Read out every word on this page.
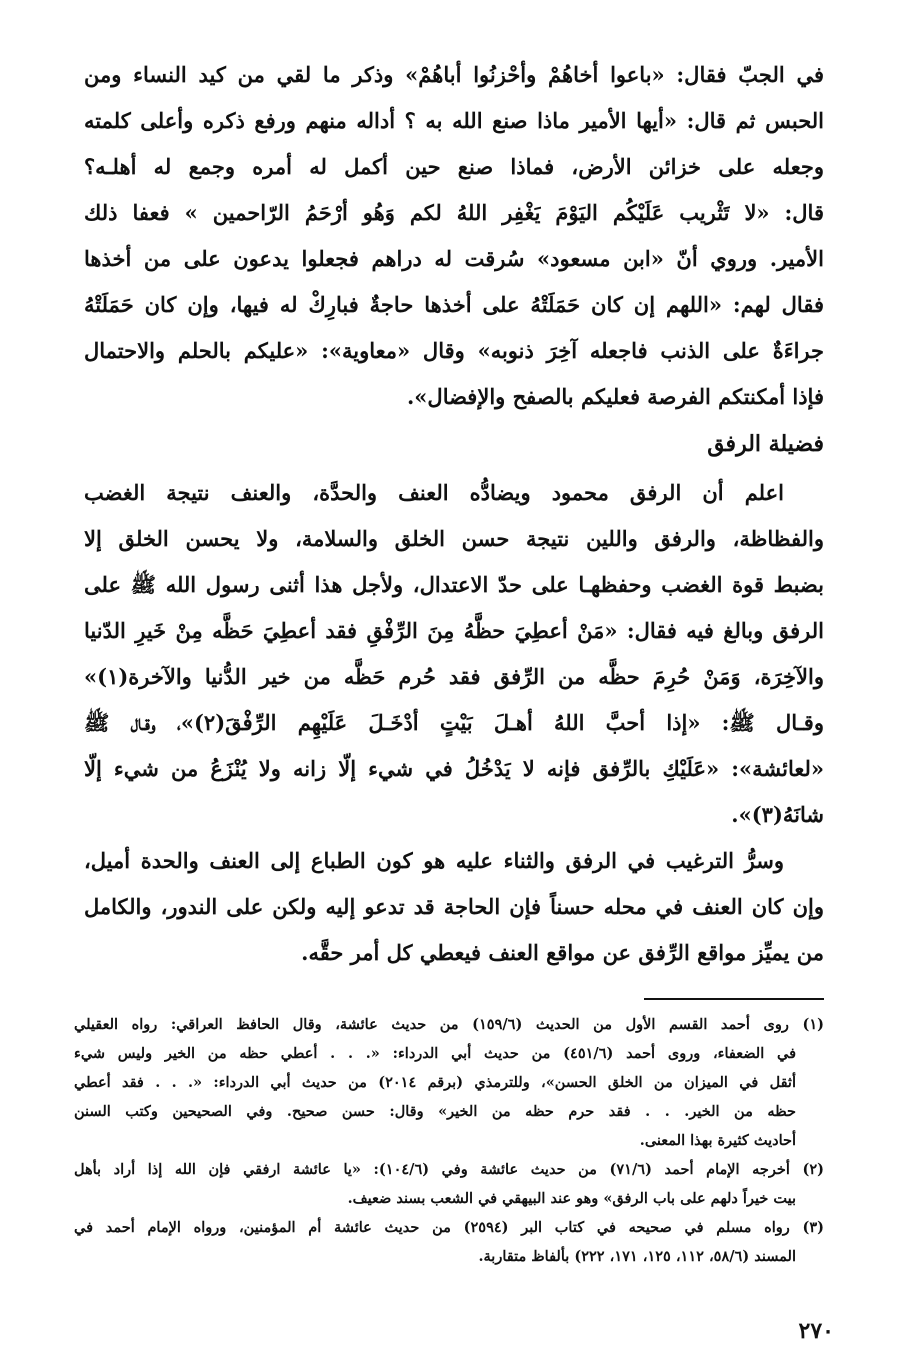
في الجبّ فقال: «باعوا أخاهُمْ وأحْزنُوا أباهُمْ» وذكر ما لقي من كيد النساء ومن
الحبس ثم قال: «أيها الأمير ماذا صنع الله به ؟ أداله منهم ورفع ذكره وأعلى كلمته
وجعله على خزائن الأرض، فماذا صنع حين أكمل له أمره وجمع له أهلـه؟
قال: «لا تَثْريب عَلَيْكُم اليَوْمَ يَغْفِر اللهُ لكم وَهُو أرْحَمُ الرّاحمين » فعفا ذلك
الأمير. وروي أنّ «ابن مسعود» سُرقت له دراهم فجعلوا يدعون على من أخذها
فقال لهم: «اللهم إن كان حَمَلَتْهُ على أخذها حاجةٌ فبارِكْ له فيها، وإن كان حَمَلَتْهُ
جراءَةٌ على الذنب فاجعله آخِرَ ذنوبه» وقال «معاوية»: «عليكم بالحلم والاحتمال
فإذا أمكنتكم الفرصة فعليكم بالصفح والإفضال».
فضيلة الرفق
اعلم أن الرفق محمود ويضادُّه العنف والحدَّة، والعنف نتيجة الغضب
والفظاظة، والرفق واللين نتيجة حسن الخلق والسلامة، ولا يحسن الخلق إلا
بضبط قوة الغضب وحفظهـا على حدّ الاعتدال، ولأجل هذا أثنى رسول الله ﷺ على
الرفق وبالغ فيه فقال: «مَنْ أعطِيَ حظَّهُ مِنَ الرِّفْقِ فقد أعطِيَ حَظَّه مِنْ خَيرِ الدّنيا
والآخِرَة، وَمَنْ حُرِمَ حظَّه من الرِّفق فقد حُرم حَظَّه من خير الدُّنيا والآخرة(١)»
وقـال ﷺ: «إذا أحبَّ اللهُ أهـلَ بَيْتٍ أدْخَـلَ عَلَيْهِم الرِّفْقَ(٢)»، وقـال ﷺ
«لعائشة»: «عَلَيْكِ بالرِّفق فإنه لا يَدْخُلُ في شيء إلّا زانه ولا يُنْزَعُ من شيء إلّا
شانَهُ(٣)».
وسرُّ الترغيب في الرفق والثناء عليه هو كون الطباع إلى العنف والحدة أميل،
وإن كان العنف في محله حسناً فإن الحاجة قد تدعو إليه ولكن على الندور، والكامل
من يميِّز مواقع الرِّفق عن مواقع العنف فيعطي كل أمر حقَّه.
(١) روى أحمد القسم الأول من الحديث (١٥٩/٦) من حديث عائشة، وقال الحافظ العراقي: رواه العقيلي
في الضعفاء، وروى أحمد (٤٥١/٦) من حديث أبي الدرداء: «. . . أعطي حظه من الخير وليس شيء
أثقل في الميزان من الخلق الحسن»، وللترمذي (برقم ٢٠١٤) من حديث أبي الدرداء: «. . . فقد أعطي
حظه من الخير. . . فقد حرم حظه من الخير» وقال: حسن صحيح. وفي الصحيحين وكتب السنن
أحاديث كثيرة بهذا المعنى.
(٢) أخرجه الإمام أحمد (٧١/٦) من حديث عائشة وفي (١٠٤/٦): «يا عائشة ارفقي فإن الله إذا أراد بأهل
بيت خيراً دلهم على باب الرفق» وهو عند البيهقي في الشعب بسند ضعيف.
(٣) رواه مسلم في صحيحه في كتاب البر (٢٥٩٤) من حديث عائشة أم المؤمنين، ورواه الإمام أحمد في
المسند (٥٨/٦، ١١٢، ١٢٥، ١٧١، ٢٢٢) بألفاظ متقاربة.
٢٧٠
